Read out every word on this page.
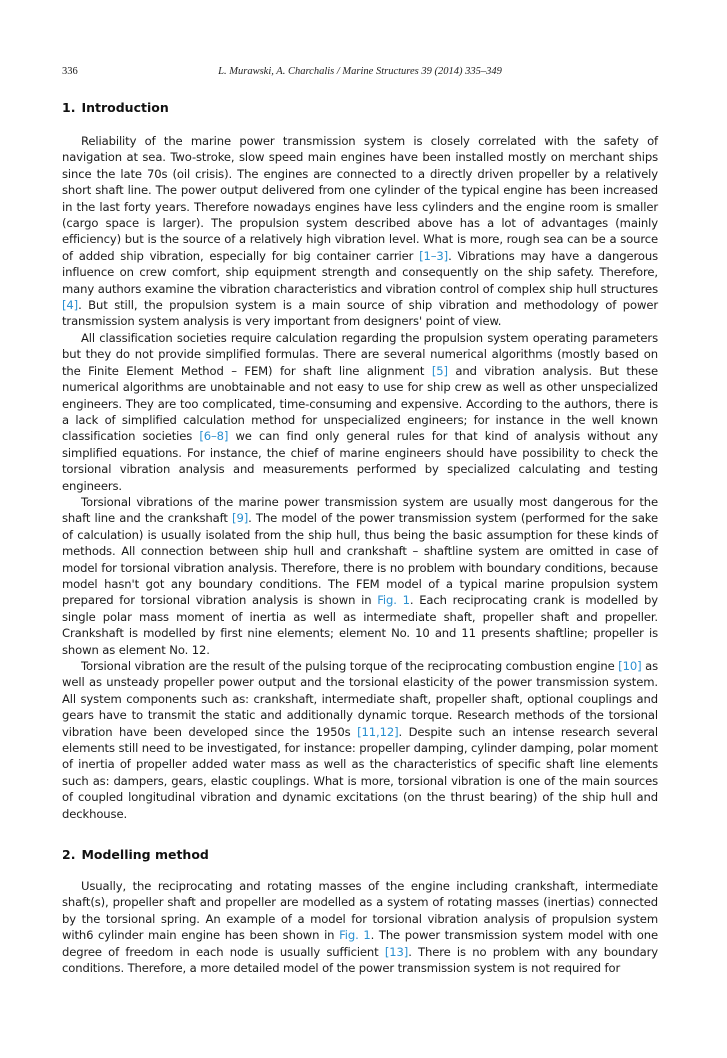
336	L. Murawski, A. Charchalis / Marine Structures 39 (2014) 335–349
1. Introduction

Reliability of the marine power transmission system is closely correlated with the safety of navigation at sea. Two-stroke, slow speed main engines have been installed mostly on merchant ships since the late 70s (oil crisis). The engines are connected to a directly driven propeller by a relatively short shaft line. The power output delivered from one cylinder of the typical engine has been increased in the last forty years. Therefore nowadays engines have less cylinders and the engine room is smaller (cargo space is larger). The propulsion system described above has a lot of advantages (mainly efficiency) but is the source of a relatively high vibration level. What is more, rough sea can be a source of added ship vibration, especially for big container carrier [1–3]. Vibrations may have a dangerous influence on crew comfort, ship equipment strength and consequently on the ship safety. Therefore, many authors examine the vibration characteristics and vibration control of complex ship hull structures [4]. But still, the propulsion system is a main source of ship vibration and methodology of power transmission system analysis is very important from designers' point of view.

All classification societies require calculation regarding the propulsion system operating parameters but they do not provide simplified formulas. There are several numerical algorithms (mostly based on the Finite Element Method – FEM) for shaft line alignment [5] and vibration analysis. But these numerical algorithms are unobtainable and not easy to use for ship crew as well as other unspecialized engineers. They are too complicated, time-consuming and expensive. According to the authors, there is a lack of simplified calculation method for unspecialized engineers; for instance in the well known classification societies [6–8] we can find only general rules for that kind of analysis without any simplified equations. For instance, the chief of marine engineers should have possibility to check the torsional vibration analysis and measurements performed by specialized calculating and testing engineers.

Torsional vibrations of the marine power transmission system are usually most dangerous for the shaft line and the crankshaft [9]. The model of the power transmission system (performed for the sake of calculation) is usually isolated from the ship hull, thus being the basic assumption for these kinds of methods. All connection between ship hull and crankshaft – shaftline system are omitted in case of model for torsional vibration analysis. Therefore, there is no problem with boundary conditions, because model hasn't got any boundary conditions. The FEM model of a typical marine propulsion system prepared for torsional vibration analysis is shown in Fig. 1. Each reciprocating crank is modelled by single polar mass moment of inertia as well as intermediate shaft, propeller shaft and propeller. Crankshaft is modelled by first nine elements; element No. 10 and 11 presents shaftline; propeller is shown as element No. 12.

Torsional vibration are the result of the pulsing torque of the reciprocating combustion engine [10] as well as unsteady propeller power output and the torsional elasticity of the power transmission system. All system components such as: crankshaft, intermediate shaft, propeller shaft, optional couplings and gears have to transmit the static and additionally dynamic torque. Research methods of the torsional vibration have been developed since the 1950s [11,12]. Despite such an intense research several elements still need to be investigated, for instance: propeller damping, cylinder damping, polar moment of inertia of propeller added water mass as well as the characteristics of specific shaft line elements such as: dampers, gears, elastic couplings. What is more, torsional vibration is one of the main sources of coupled longitudinal vibration and dynamic excitations (on the thrust bearing) of the ship hull and deckhouse.

2. Modelling method

Usually, the reciprocating and rotating masses of the engine including crankshaft, intermediate shaft(s), propeller shaft and propeller are modelled as a system of rotating masses (inertias) connected by the torsional spring. An example of a model for torsional vibration analysis of propulsion system with6 cylinder main engine has been shown in Fig. 1. The power transmission system model with one degree of freedom in each node is usually sufficient [13]. There is no problem with any boundary conditions. Therefore, a more detailed model of the power transmission system is not required for
